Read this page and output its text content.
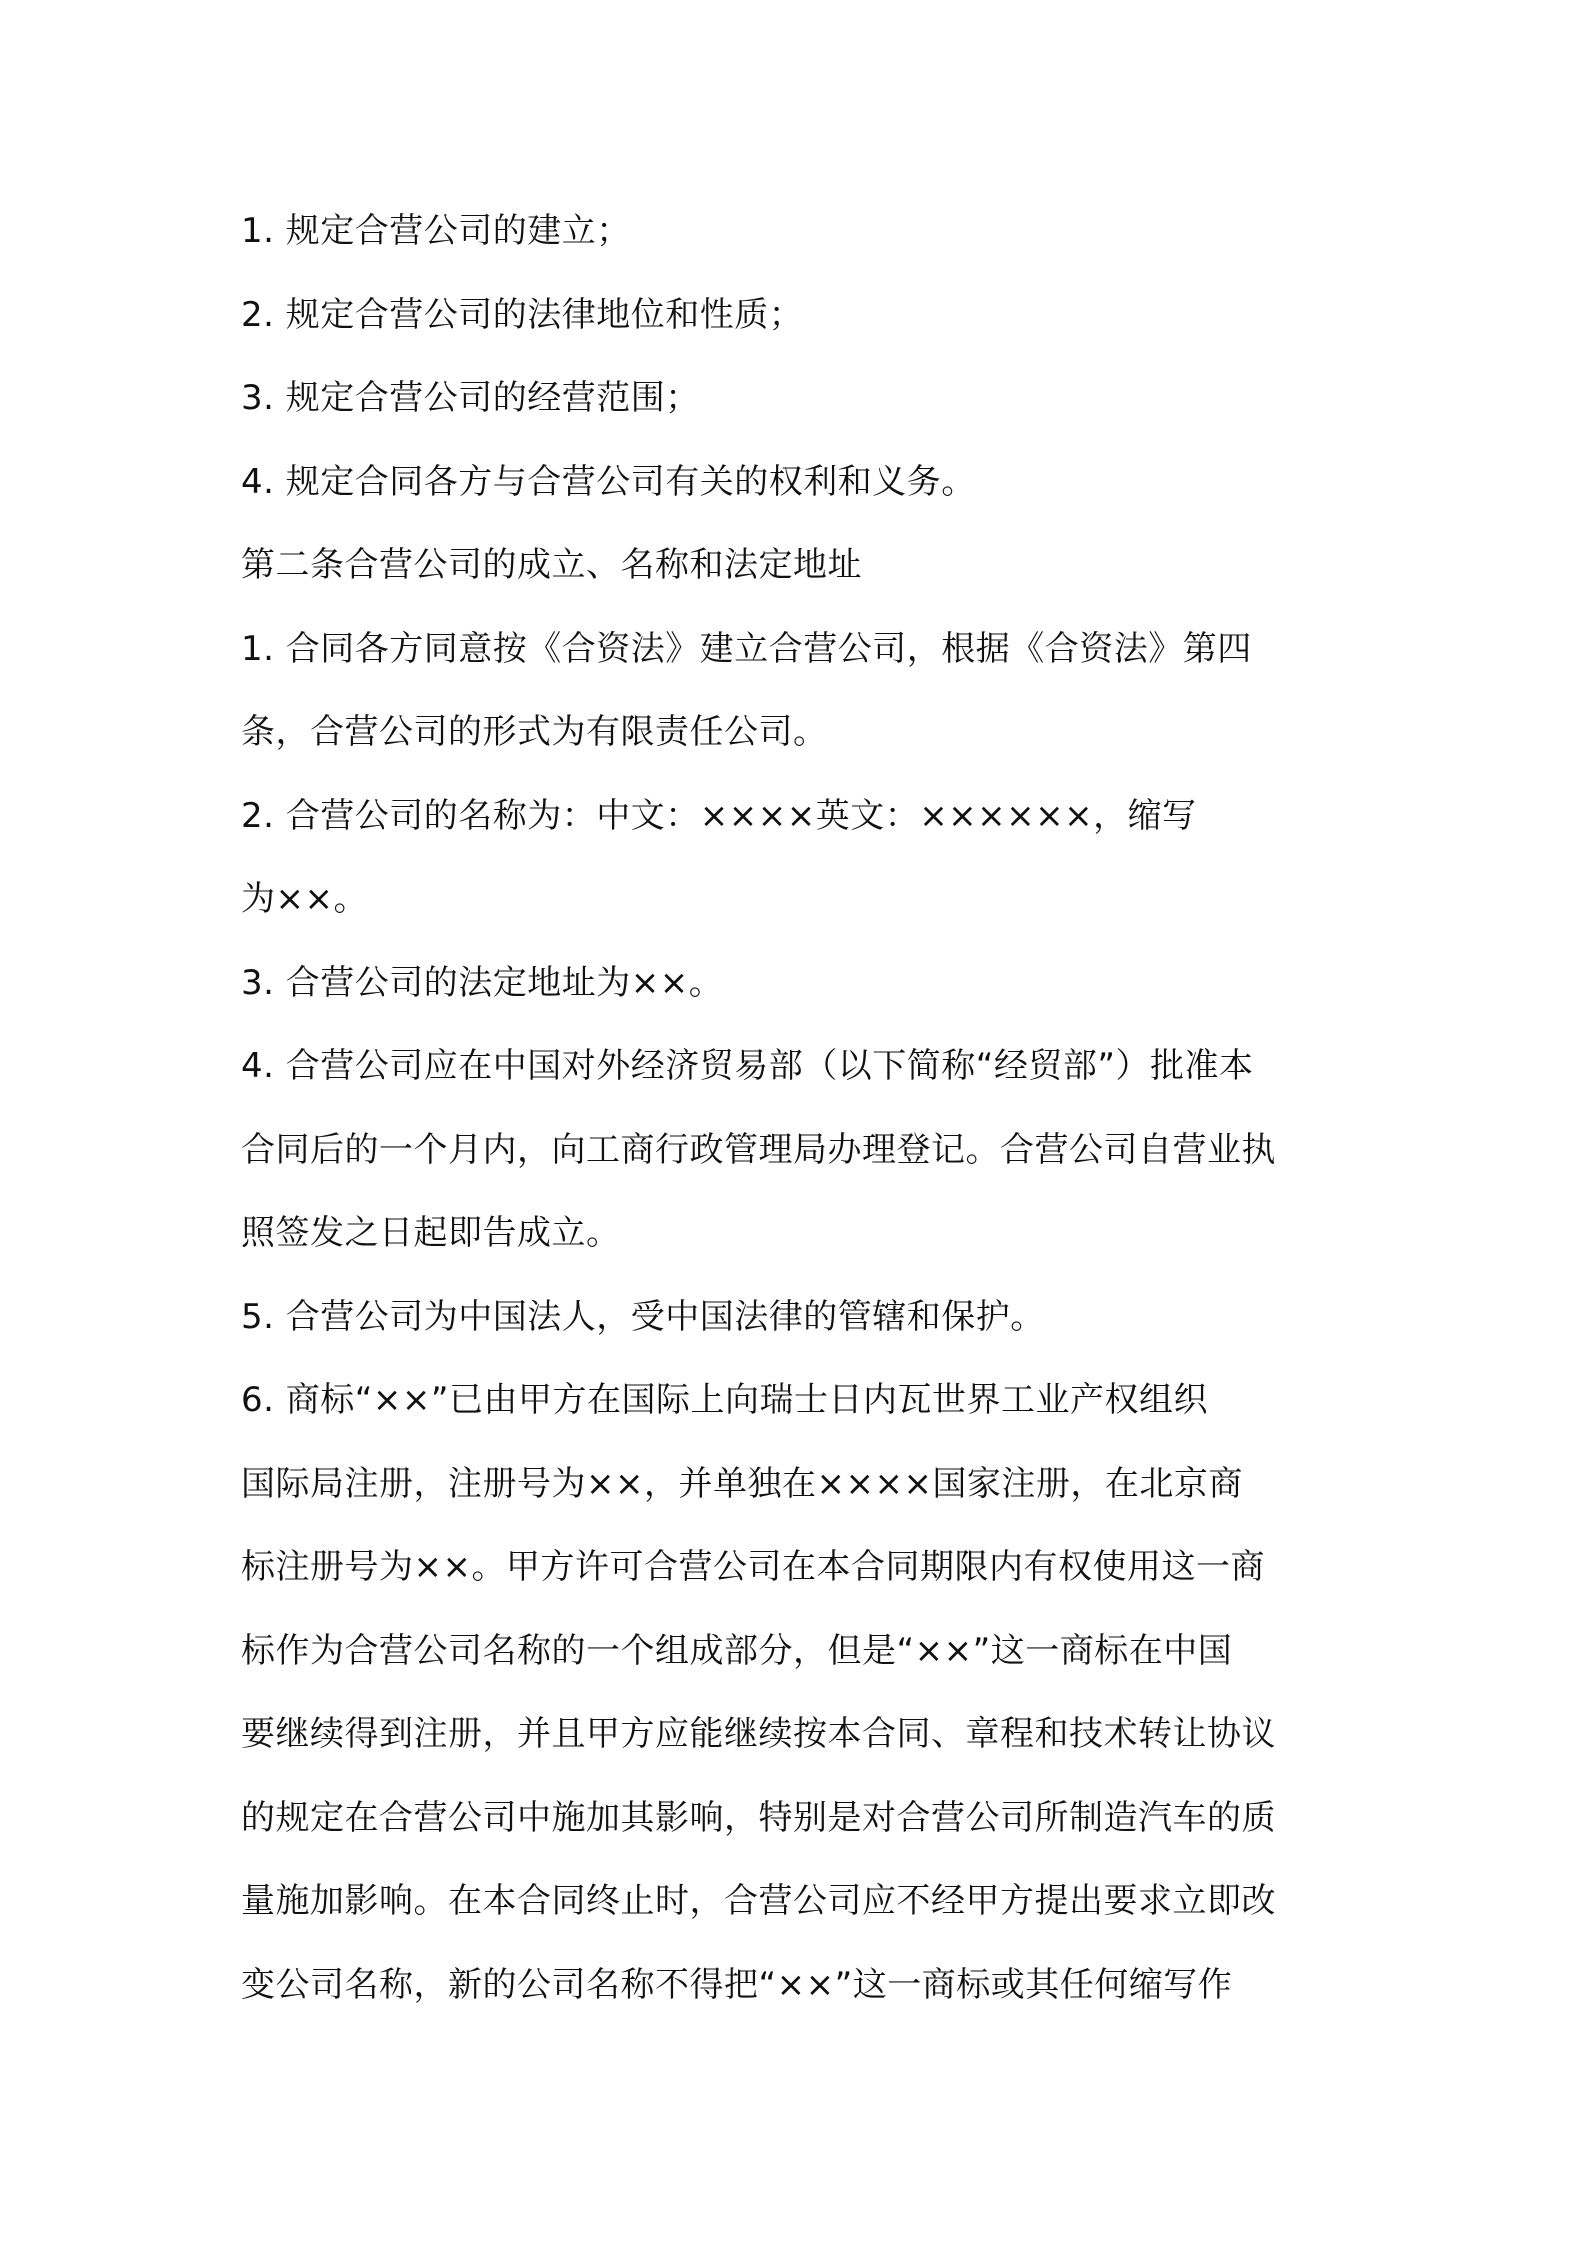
1. 规定合营公司的建立；
2. 规定合营公司的法律地位和性质；
3. 规定合营公司的经营范围；
4. 规定合同各方与合营公司有关的权利和义务。
第二条合营公司的成立、名称和法定地址
1. 合同各方同意按《合资法》建立合营公司，根据《合资法》第四
条，合营公司的形式为有限责任公司。
2. 合营公司的名称为：中文：××××英文：××××××，缩写
为××。
3. 合营公司的法定地址为××。
4. 合营公司应在中国对外经济贸易部（以下简称“经贸部”）批准本
合同后的一个月内，向工商行政管理局办理登记。合营公司自营业执
照签发之日起即告成立。
5. 合营公司为中国法人，受中国法律的管辖和保护。
6. 商标“××”已由甲方在国际上向瑞士日内瓦世界工业产权组织
国际局注册，注册号为××，并单独在××××国家注册，在北京商
标注册号为××。甲方许可合营公司在本合同期限内有权使用这一商
标作为合营公司名称的一个组成部分，但是“××”这一商标在中国
要继续得到注册，并且甲方应能继续按本合同、章程和技术转让协议
的规定在合营公司中施加其影响，特别是对合营公司所制造汽车的质
量施加影响。在本合同终止时，合营公司应不经甲方提出要求立即改
变公司名称，新的公司名称不得把“××”这一商标或其任何缩写作
